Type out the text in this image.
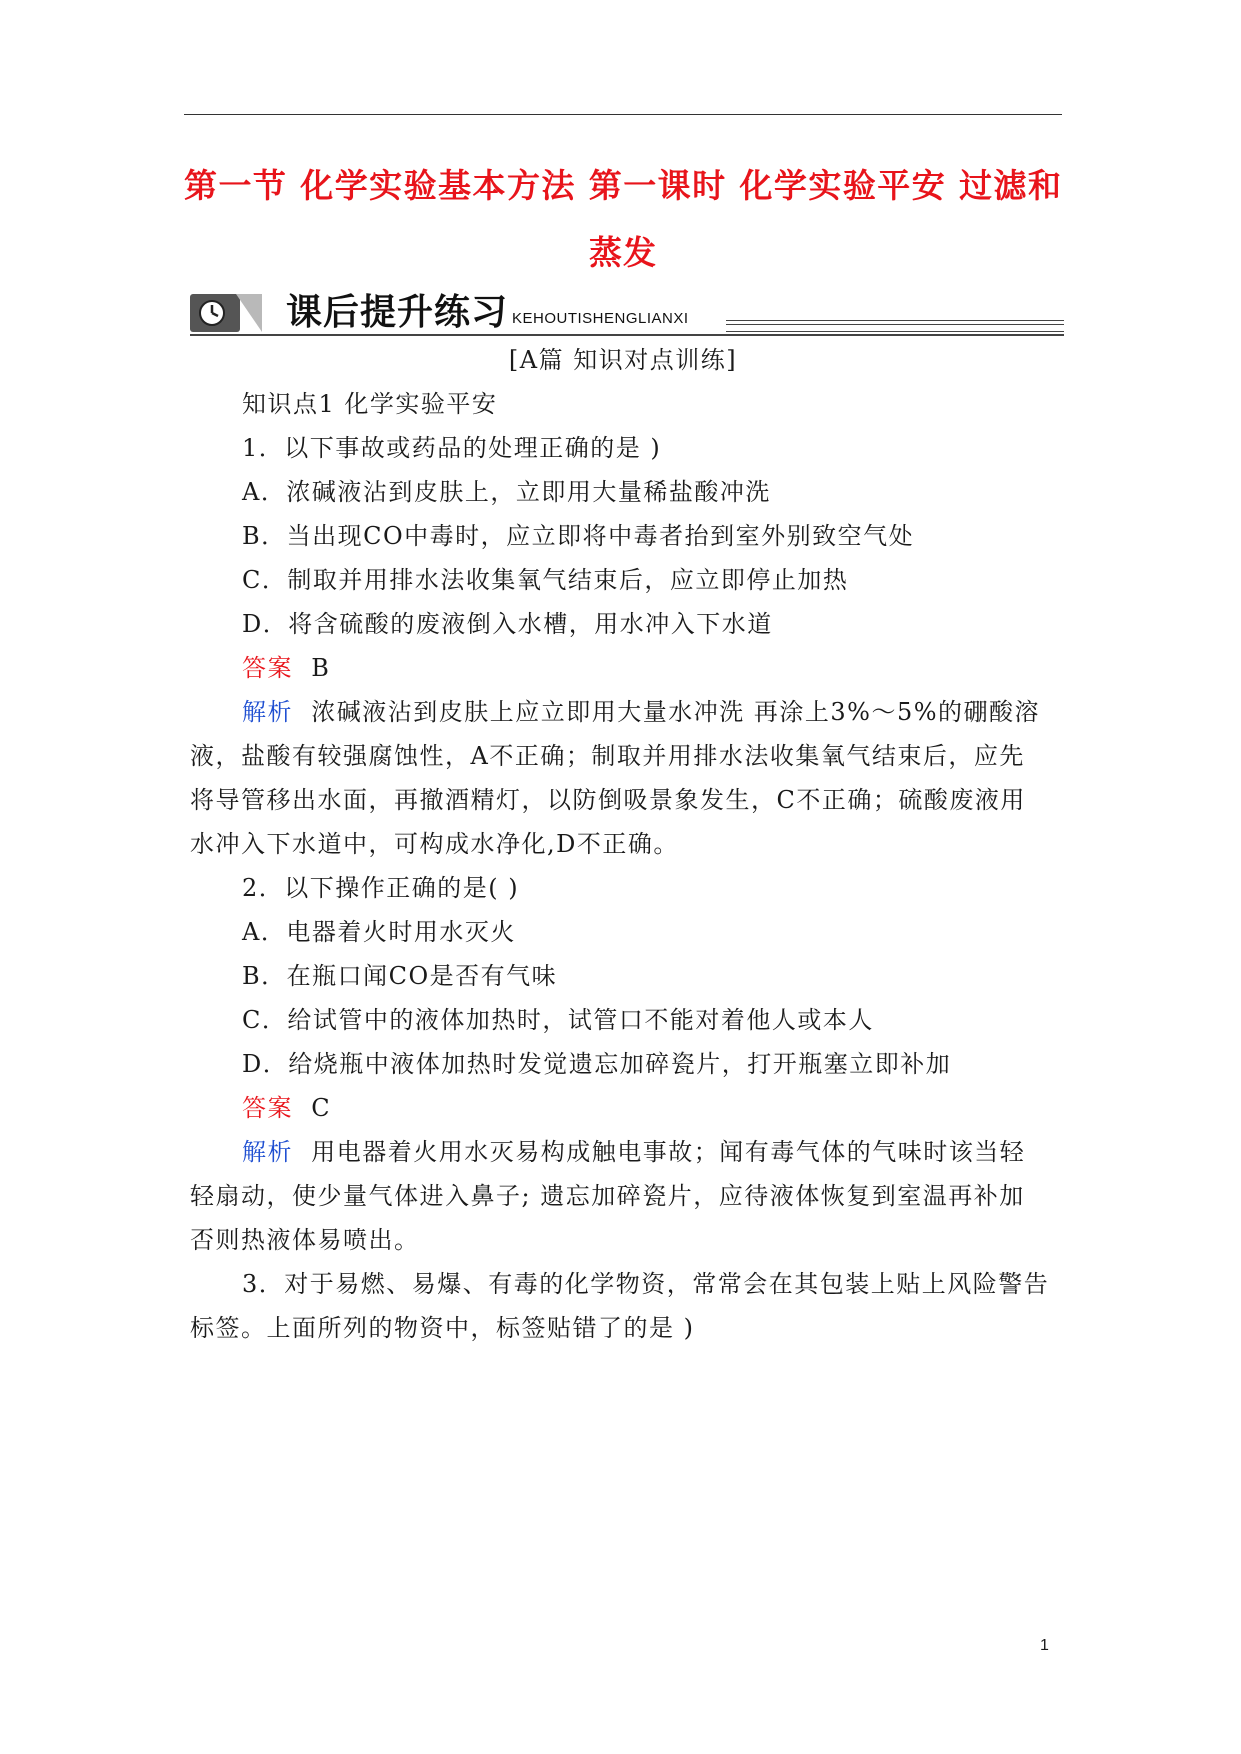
第一节 化学实验基本方法 第一课时 化学实验平安 过滤和
蒸发
课后提升练习 KEHOUTISHENGLIANXI
[A篇 知识对点训练]
知识点1 化学实验平安
1．以下事故或药品的处理正确的是 )
A．浓碱液沾到皮肤上，立即用大量稀盐酸冲洗
B．当出现CO中毒时，应立即将中毒者抬到室外别致空气处
C．制取并用排水法收集氧气结束后，应立即停止加热
D．将含硫酸的废液倒入水槽，用水冲入下水道
答案 B
解析 浓碱液沾到皮肤上应立即用大量水冲洗 再涂上3%～5%的硼酸溶
液，盐酸有较强腐蚀性，A不正确；制取并用排水法收集氧气结束后，应先
将导管移出水面，再撤酒精灯，以防倒吸景象发生，C不正确；硫酸废液用
水冲入下水道中，可构成水净化,D不正确。
2．以下操作正确的是( )
A．电器着火时用水灭火
B．在瓶口闻CO是否有气味
C．给试管中的液体加热时，试管口不能对着他人或本人
D．给烧瓶中液体加热时发觉遗忘加碎瓷片，打开瓶塞立即补加
答案 C
解析 用电器着火用水灭易构成触电事故；闻有毒气体的气味时该当轻
轻扇动，使少量气体进入鼻子; 遗忘加碎瓷片，应待液体恢复到室温再补加
否则热液体易喷出。
3．对于易燃、易爆、有毒的化学物资，常常会在其包装上贴上风险警告
标签。上面所列的物资中，标签贴错了的是 )
1
